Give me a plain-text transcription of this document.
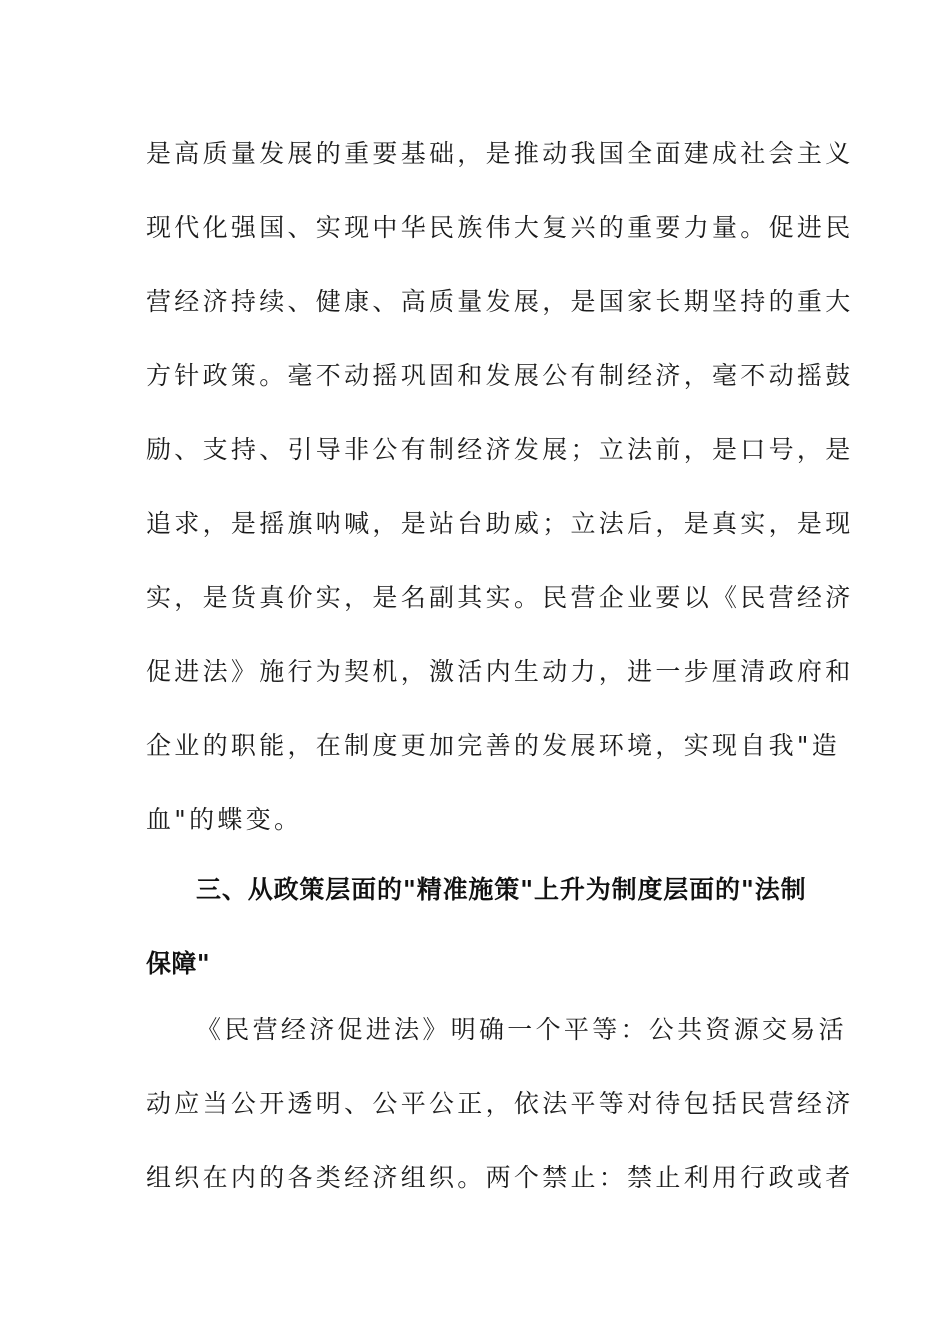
是高质量发展的重要基础，是推动我国全面建成社会主义
现代化强国、实现中华民族伟大复兴的重要力量。促进民
营经济持续、健康、高质量发展，是国家长期坚持的重大
方针政策。毫不动摇巩固和发展公有制经济，毫不动摇鼓
励、支持、引导非公有制经济发展；立法前，是口号，是
追求，是摇旗呐喊，是站台助威；立法后，是真实，是现
实，是货真价实，是名副其实。民营企业要以《民营经济
促进法》施行为契机，激活内生动力，进一步厘清政府和
企业的职能，在制度更加完善的发展环境，实现自我"造
血"的蝶变。
三、从政策层面的"精准施策"上升为制度层面的"法制
保障"
《民营经济促进法》明确一个平等：公共资源交易活
动应当公开透明、公平公正，依法平等对待包括民营经济
组织在内的各类经济组织。两个禁止：禁止利用行政或者
